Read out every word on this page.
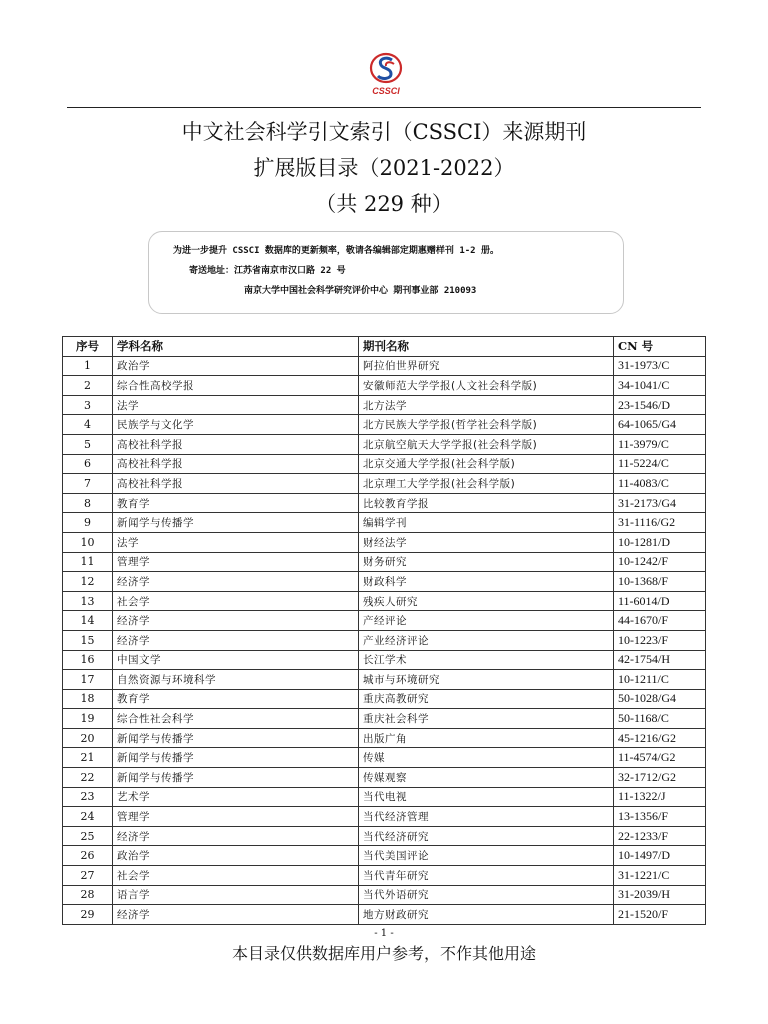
CSSCI
中文社会科学引文索引（CSSCI）来源期刊
扩展版目录（2021-2022）
（共 229 种）
为进一步提升 CSSCI 数据库的更新频率，敬请各编辑部定期惠赠样刊 1-2 册。
寄送地址：江苏省南京市汉口路 22 号
南京大学中国社会科学研究评价中心 期刊事业部 210093
序号	学科名称	期刊名称	CN 号
1	政治学	阿拉伯世界研究	31-1973/C
2	综合性高校学报	安徽师范大学学报(人文社会科学版)	34-1041/C
3	法学	北方法学	23-1546/D
4	民族学与文化学	北方民族大学学报(哲学社会科学版)	64-1065/G4
5	高校社科学报	北京航空航天大学学报(社会科学版)	11-3979/C
6	高校社科学报	北京交通大学学报(社会科学版)	11-5224/C
7	高校社科学报	北京理工大学学报(社会科学版)	11-4083/C
8	教育学	比较教育学报	31-2173/G4
9	新闻学与传播学	编辑学刊	31-1116/G2
10	法学	财经法学	10-1281/D
11	管理学	财务研究	10-1242/F
12	经济学	财政科学	10-1368/F
13	社会学	残疾人研究	11-6014/D
14	经济学	产经评论	44-1670/F
15	经济学	产业经济评论	10-1223/F
16	中国文学	长江学术	42-1754/H
17	自然资源与环境科学	城市与环境研究	10-1211/C
18	教育学	重庆高教研究	50-1028/G4
19	综合性社会科学	重庆社会科学	50-1168/C
20	新闻学与传播学	出版广角	45-1216/G2
21	新闻学与传播学	传媒	11-4574/G2
22	新闻学与传播学	传媒观察	32-1712/G2
23	艺术学	当代电视	11-1322/J
24	管理学	当代经济管理	13-1356/F
25	经济学	当代经济研究	22-1233/F
26	政治学	当代美国评论	10-1497/D
27	社会学	当代青年研究	31-1221/C
28	语言学	当代外语研究	31-2039/H
29	经济学	地方财政研究	21-1520/F
- 1 -
本目录仅供数据库用户参考，不作其他用途
